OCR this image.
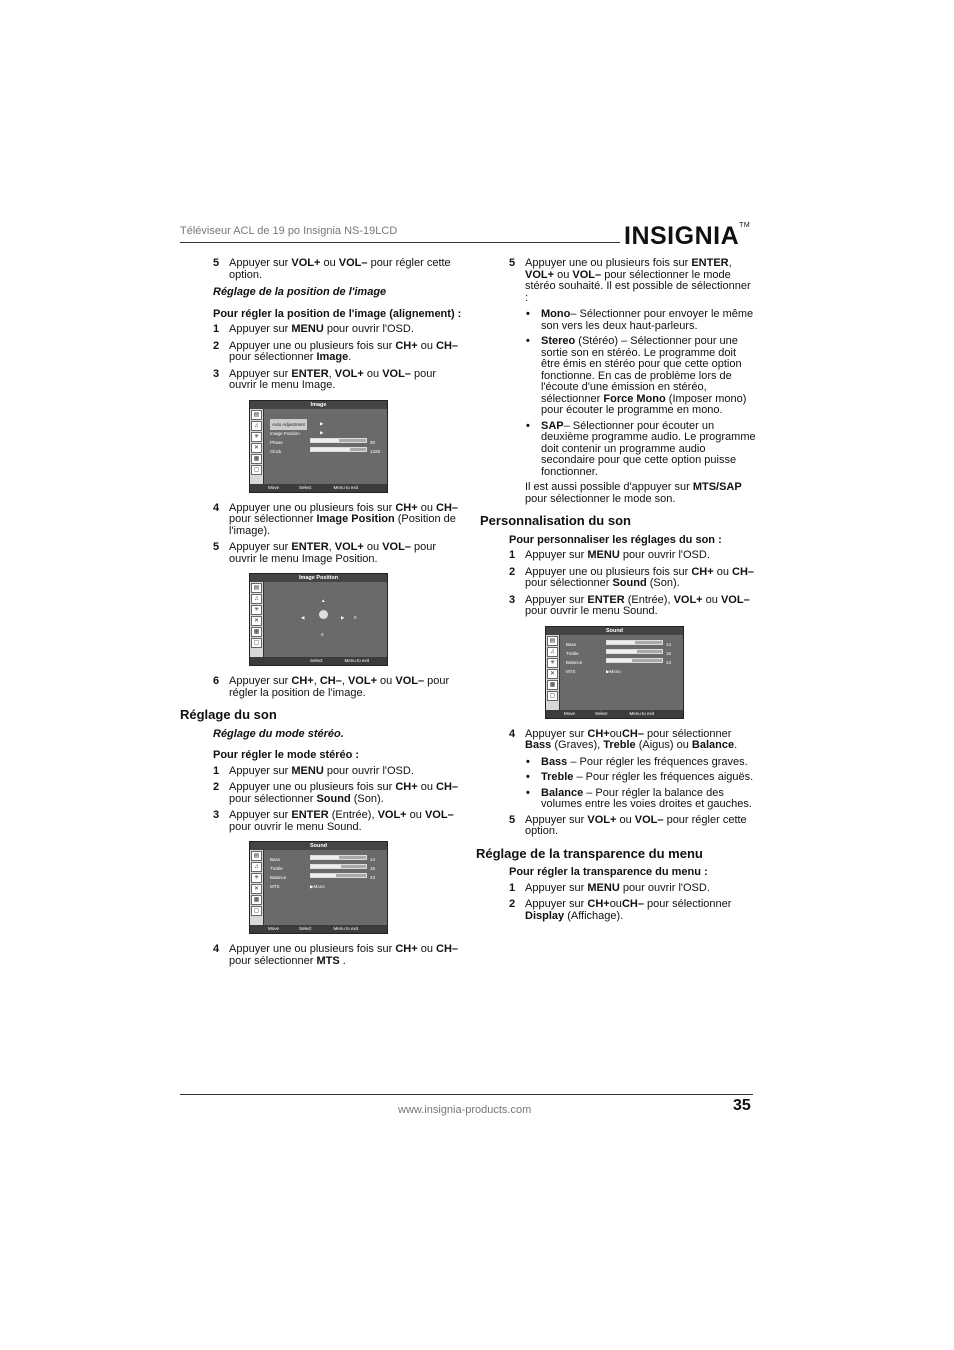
Téléviseur ACL de 19 po Insignia NS-19LCD	INSIGNIA™
5 Appuyer sur VOL+ ou VOL– pour régler cette option.
Réglage de la position de l'image
Pour régler la position de l'image (alignement) :
1 Appuyer sur MENU pour ouvrir l'OSD.
2 Appuyer une ou plusieurs fois sur CH+ ou CH– pour sélectionner Image.
3 Appuyer sur ENTER, VOL+ ou VOL– pour ouvrir le menu Image.
Image
▤
♫
✳
✕
▦
▢
Auto Adjustment	▶
Image Position	▶
Phase	30
Clock	1328
Move	Select	Menu to exit
4 Appuyer une ou plusieurs fois sur CH+ ou CH– pour sélectionner Image Position (Position de l'image).
5 Appuyer sur ENTER, VOL+ ou VOL– pour ouvrir le menu Image Position.
Image Position
▤
♫
✳
✕
▦
▢
▲
◀	▶ 0
0
Select	Menu to exit
6 Appuyer sur CH+, CH–, VOL+ ou VOL– pour régler la position de l'image.
Réglage du son
Réglage du mode stéréo.
Pour régler le mode stéréo :
1 Appuyer sur MENU pour ouvrir l'OSD.
2 Appuyer une ou plusieurs fois sur CH+ ou CH– pour sélectionner Sound (Son).
3 Appuyer sur ENTER (Entrée), VOL+ ou VOL– pour ouvrir le menu Sound.
Sound
▤
♫
✳
✕
▦
▢
Bass	14
Treble	16
Balance	43
MTS	▶Mono
Move	Select	Menu to exit
4 Appuyer une ou plusieurs fois sur CH+ ou CH– pour sélectionner MTS .
5 Appuyer une ou plusieurs fois sur ENTER, VOL+ ou VOL– pour sélectionner le mode stéréo souhaité. Il est possible de sélectionner :
• Mono– Sélectionner pour envoyer le même son vers les deux haut-parleurs.
• Stereo (Stéréo) – Sélectionner pour une sortie son en stéréo. Le programme doit être émis en stéréo pour que cette option fonctionne. En cas de problème lors de l'écoute d'une émission en stéréo, sélectionner Force Mono (Imposer mono) pour écouter le programme en mono.
• SAP– Sélectionner pour écouter un deuxième programme audio. Le programme doit contenir un programme audio secondaire pour que cette option puisse fonctionner.
Il est aussi possible d'appuyer sur MTS/SAP pour sélectionner le mode son.
Personnalisation du son
Pour personnaliser les réglages du son :
1 Appuyer sur MENU pour ouvrir l'OSD.
2 Appuyer une ou plusieurs fois sur CH+ ou CH– pour sélectionner Sound (Son).
3 Appuyer sur ENTER (Entrée), VOL+ ou VOL– pour ouvrir le menu Sound.
Sound
▤
♫
✳
✕
▦
▢
Bass	14
Treble	16
Balance	43
MTS	▶Mono
Move	Select	Menu to exit
4 Appuyer sur CH+ouCH– pour sélectionner Bass (Graves), Treble (Aigus) ou Balance.
• Bass – Pour régler les fréquences graves.
• Treble – Pour régler les fréquences aiguës.
• Balance – Pour régler la balance des volumes entre les voies droites et gauches.
5 Appuyer sur VOL+ ou VOL– pour régler cette option.
Réglage de la transparence du menu
Pour régler la transparence du menu :
1 Appuyer sur MENU pour ouvrir l'OSD.
2 Appuyer sur CH+ouCH– pour sélectionner Display (Affichage).
www.insignia-products.com	35
